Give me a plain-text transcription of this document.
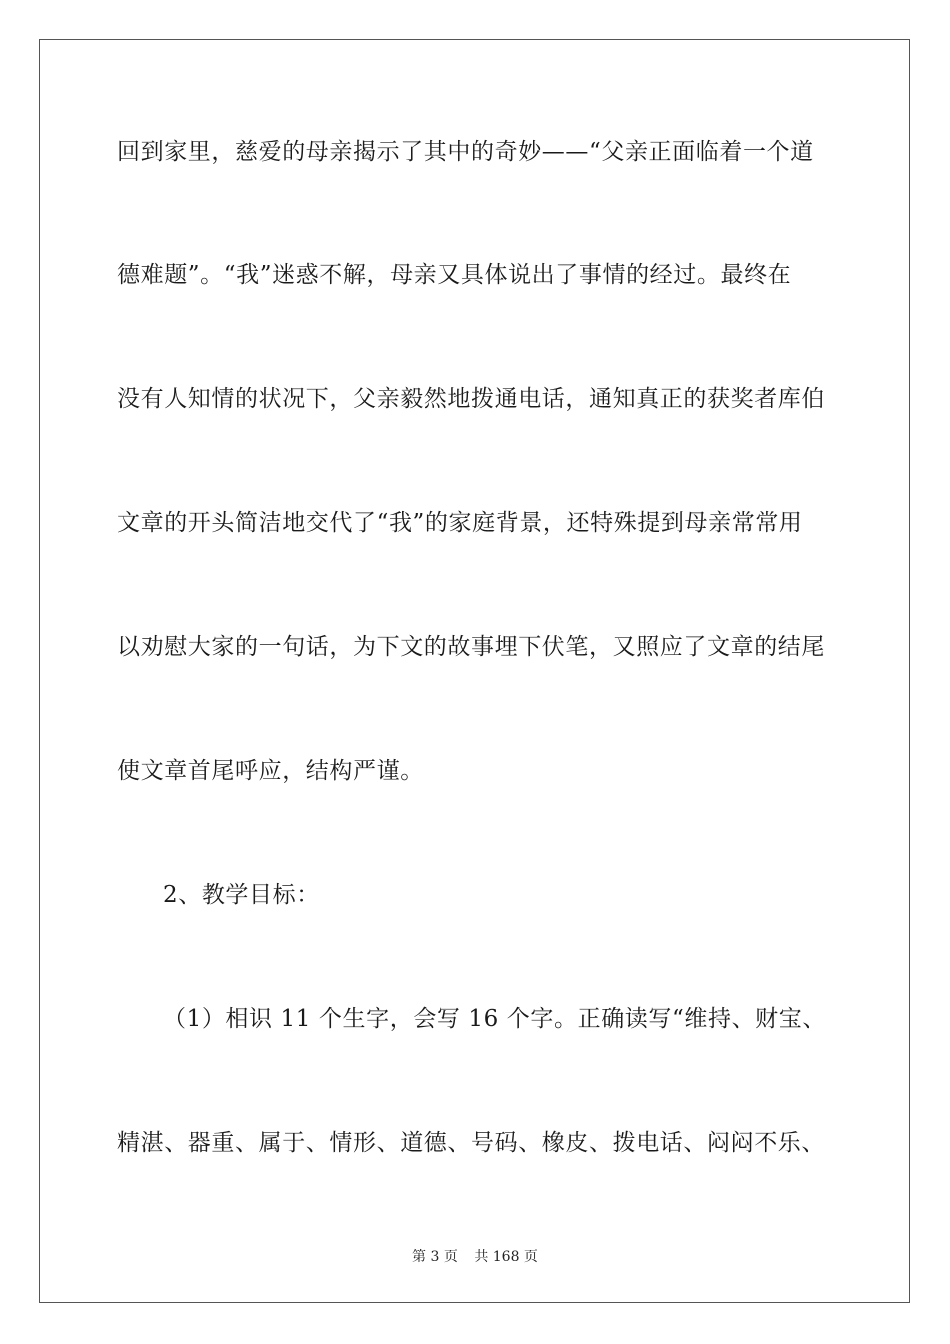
回到家里，慈爱的母亲揭示了其中的奇妙——“父亲正面临着一个道
德难题”。“我”迷惑不解，母亲又具体说出了事情的经过。最终在
没有人知情的状况下，父亲毅然地拨通电话，通知真正的获奖者库伯
文章的开头简洁地交代了“我”的家庭背景，还特殊提到母亲常常用
以劝慰大家的一句话，为下文的故事埋下伏笔，又照应了文章的结尾
使文章首尾呼应，结构严谨。
2、教学目标：
（1）相识 11 个生字，会写 16 个字。正确读写“维持、财宝、
精湛、器重、属于、情形、道德、号码、橡皮、拨电话、闷闷不乐、
第 3 页 共 168 页
